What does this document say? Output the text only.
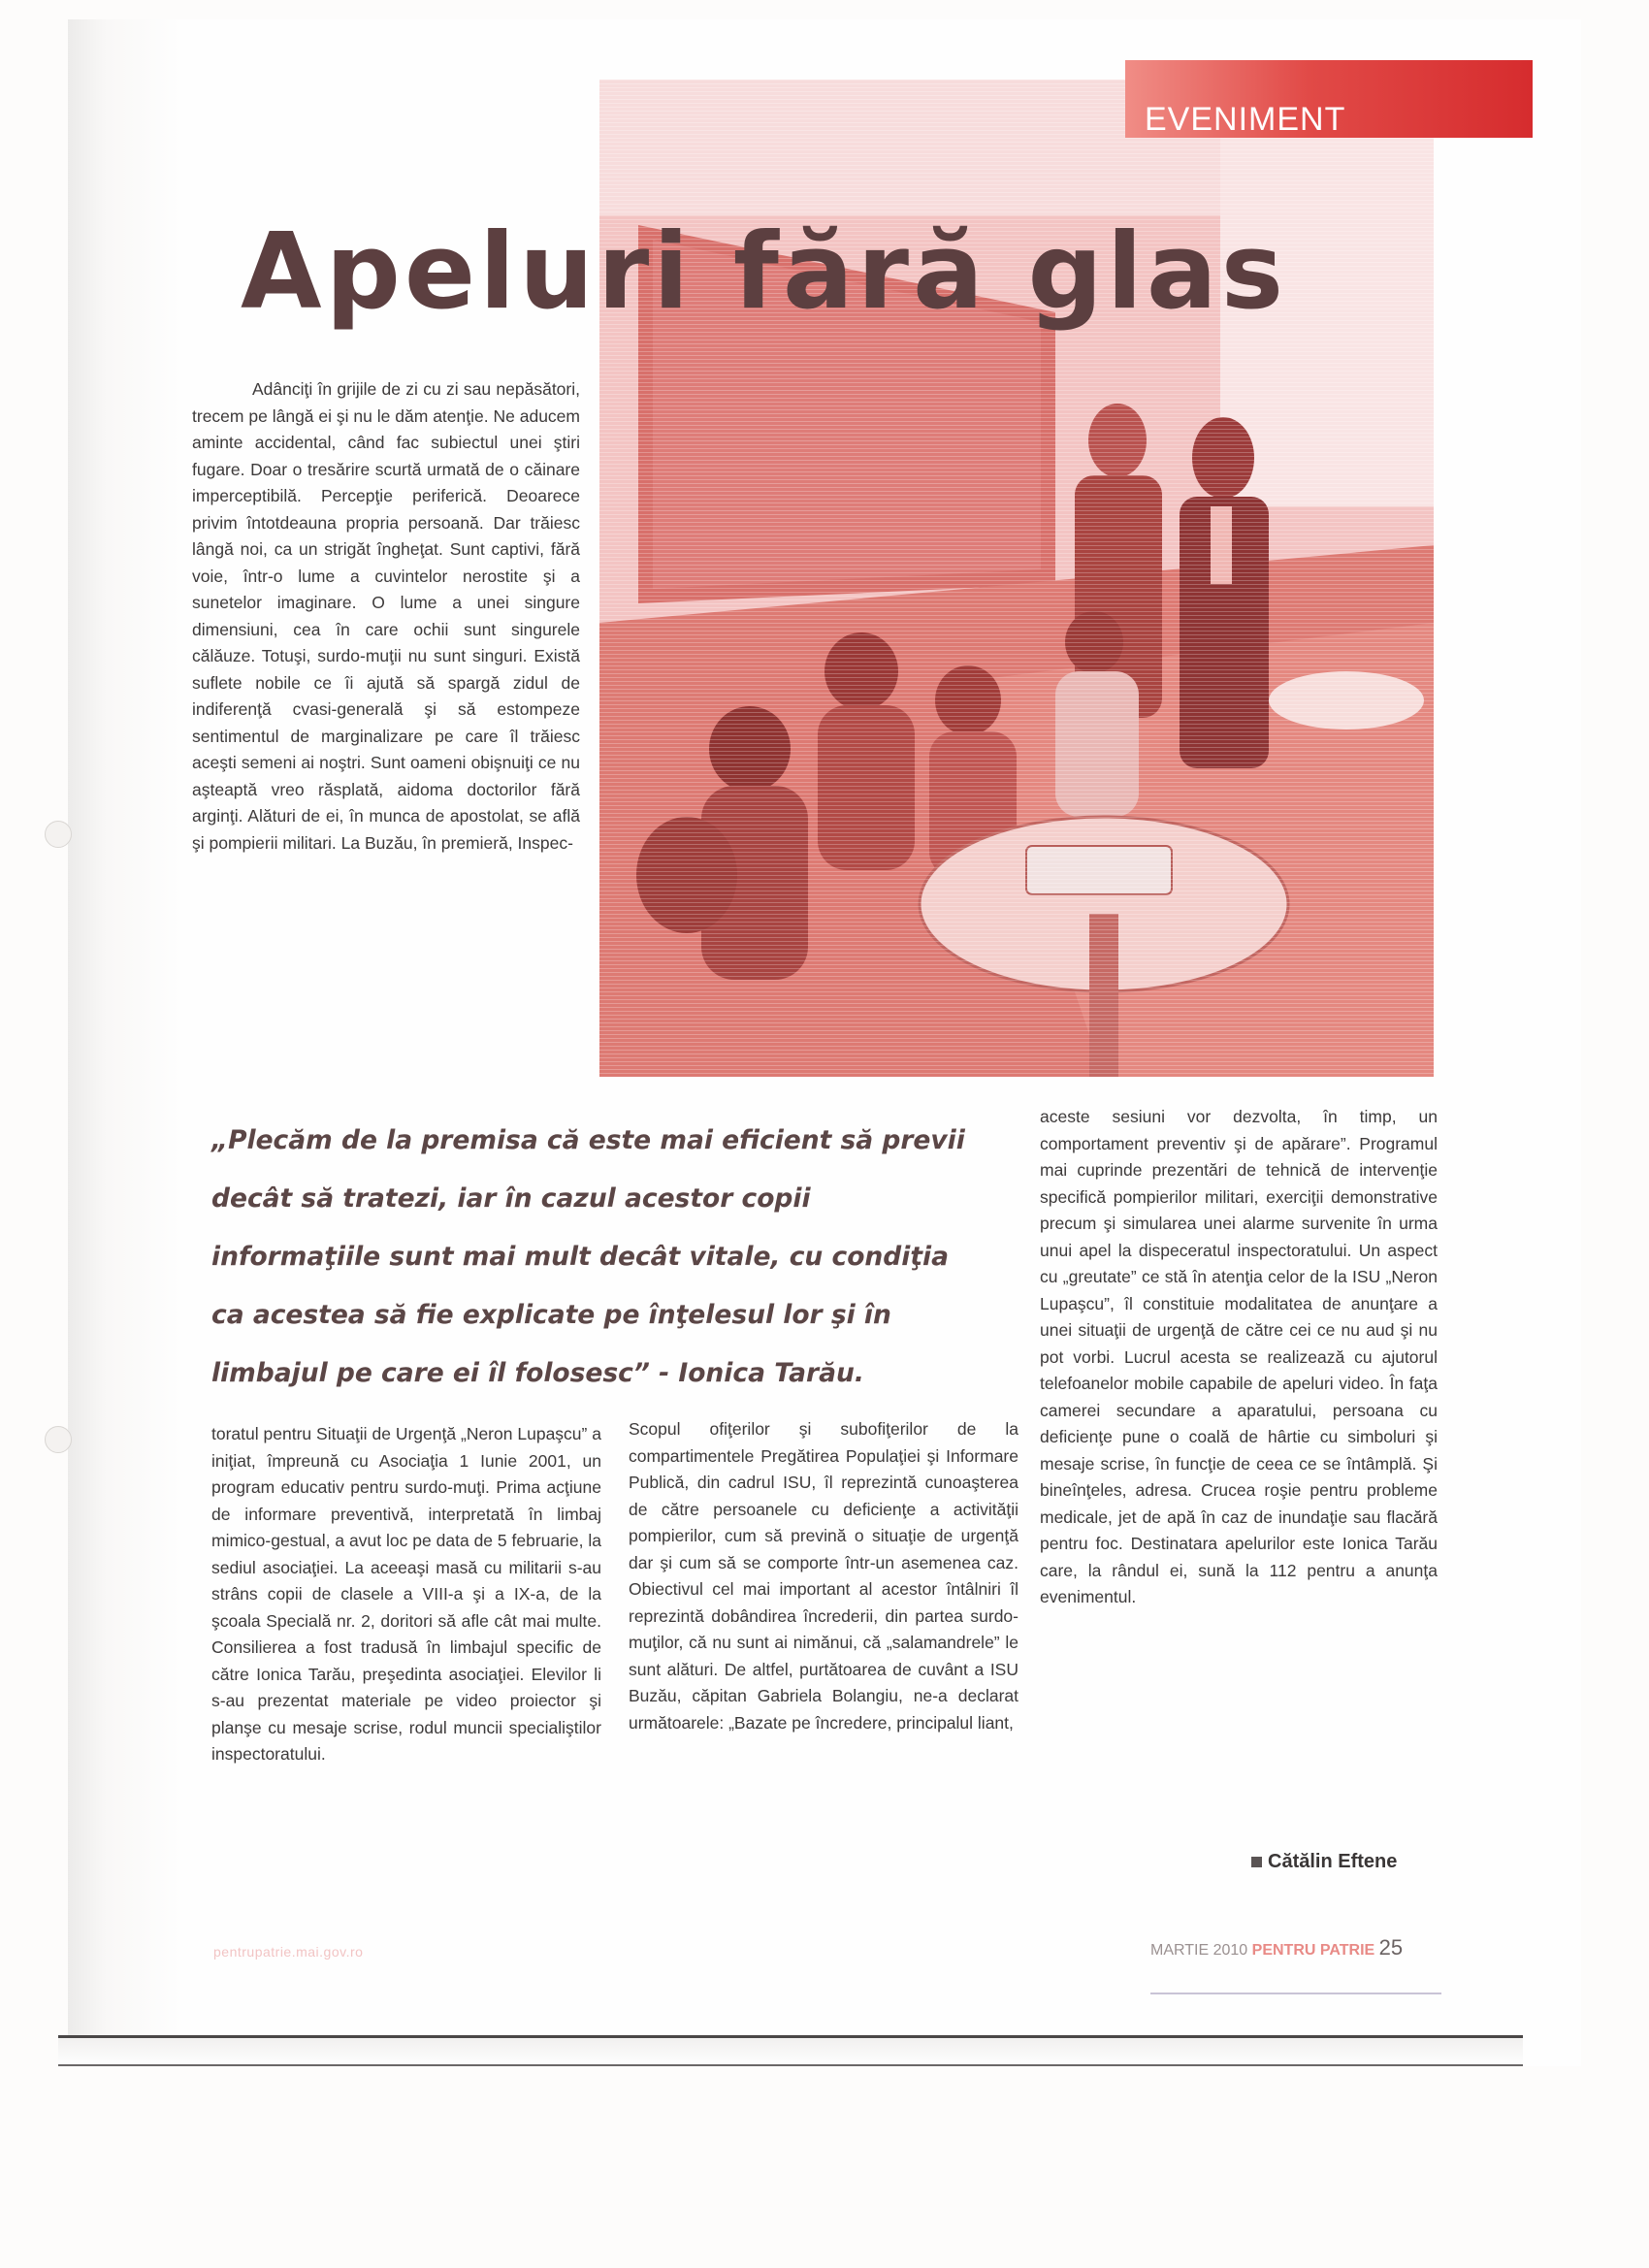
EVENIMENT
Apeluri fără glas
Adânciţi în grijile de zi cu zi sau nepăsători, trecem pe lângă ei şi nu le dăm atenţie. Ne aducem aminte accidental, când fac subiectul unei ştiri fugare. Doar o tresărire scurtă urmată de o căinare imperceptibilă. Percepţie periferică. Deoarece privim întotdeauna propria persoană. Dar trăiesc lângă noi, ca un strigăt îngheţat. Sunt captivi, fără voie, într-o lume a cuvintelor nerostite şi a sunetelor imaginare. O lume a unei singure dimensiuni, cea în care ochii sunt singurele călăuze. Totuşi, surdo-muţii nu sunt singuri. Există suflete nobile ce îi ajută să spargă zidul de indiferenţă cvasi-generală şi să estompeze sentimentul de marginalizare pe care îl trăiesc aceşti semeni ai noştri. Sunt oameni obişnuiţi ce nu aşteaptă vreo răsplată, aidoma doctorilor fără arginţi. Alături de ei, în munca de apostolat, se află şi pompierii militari. La Buzău, în premieră, Inspec-
„Plecăm de la premisa că este mai eficient să previi decât să tratezi, iar în cazul acestor copii informaţiile sunt mai mult decât vitale, cu condiţia ca acestea să fie explicate pe înţelesul lor şi în limbajul pe care ei îl folosesc” - Ionica Tarău.
toratul pentru Situaţii de Urgenţă „Neron Lupaşcu” a iniţiat, împreună cu Asociaţia 1 Iunie 2001, un program educativ pentru surdo-muţi. Prima acţiune de informare preventivă, interpretată în limbaj mimico-gestual, a avut loc pe data de 5 februarie, la sediul asociaţiei. La aceeaşi masă cu militarii s-au strâns copii de clasele a VIII-a şi a IX-a, de la şcoala Specială nr. 2, doritori să afle cât mai multe. Consilierea a fost tradusă în limbajul specific de către Ionica Tarău, preşedinta asociaţiei. Elevilor li s-au prezentat materiale pe video proiector şi planşe cu mesaje scrise, rodul muncii specialiştilor inspectoratului.
Scopul ofiţerilor şi subofiţerilor de la compartimentele Pregătirea Populaţiei şi Informare Publică, din cadrul ISU, îl reprezintă cunoaşterea de către persoanele cu deficienţe a activităţii pompierilor, cum să prevină o situaţie de urgenţă dar şi cum să se comporte într-un asemenea caz. Obiectivul cel mai important al acestor întâlniri îl reprezintă dobândirea încrederii, din partea surdo-muţilor, că nu sunt ai nimănui, că „salamandrele” le sunt alături. De altfel, purtătoarea de cuvânt a ISU Buzău, căpitan Gabriela Bolangiu, ne-a declarat următoarele: „Bazate pe încredere, principalul liant,
aceste sesiuni vor dezvolta, în timp, un comportament preventiv şi de apărare”. Programul mai cuprinde prezentări de tehnică de intervenţie specifică pompierilor militari, exerciţii demonstrative precum şi simularea unei alarme survenite în urma unui apel la dispeceratul inspectoratului. Un aspect cu „greutate” ce stă în atenţia celor de la ISU „Neron Lupaşcu”, îl constituie modalitatea de anunţare a unei situaţii de urgenţă de către cei ce nu aud şi nu pot vorbi. Lucrul acesta se realizează cu ajutorul telefoanelor mobile capabile de apeluri video. În faţa camerei secundare a aparatului, persoana cu deficienţe pune o coală de hârtie cu simboluri şi mesaje scrise, în funcţie de ceea ce se întâmplă. Şi bineînţeles, adresa. Crucea roşie pentru probleme medicale, jet de apă în caz de inundaţie sau flacără pentru foc. Destinatara apelurilor este Ionica Tarău care, la rândul ei, sună la 112 pentru a anunţa evenimentul.
Cătălin Eftene
pentrupatrie.mai.gov.ro	MARTIE 2010 PENTRU PATRIE 25
